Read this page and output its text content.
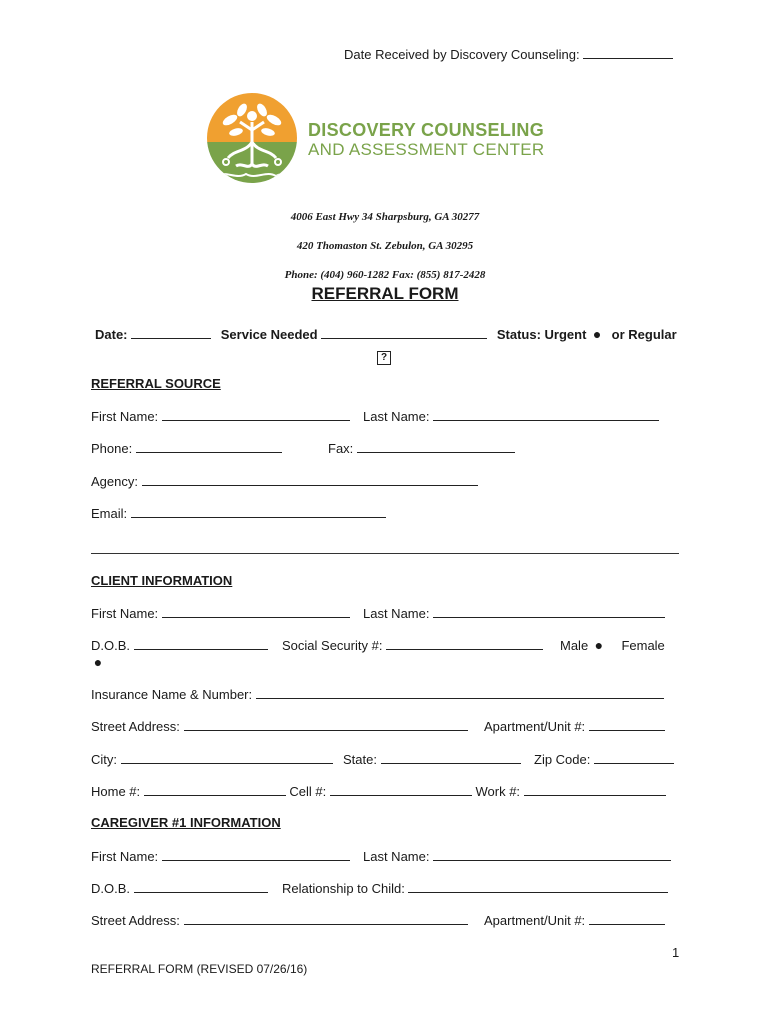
Date Received by Discovery Counseling:
DISCOVERY COUNSELING
AND ASSESSMENT CENTER
4006 East Hwy 34 Sharpsburg, GA 30277
420 Thomaston St. Zebulon, GA 30295
Phone: (404) 960-1282 Fax: (855) 817-2428
REFERRAL FORM
Date:	Service Needed	Status: Urgent ● or Regular
?
REFERRAL SOURCE
First Name:	Last Name:
Phone:	Fax:
Agency:
Email:
CLIENT INFORMATION
First Name:	Last Name:
D.O.B.	Social Security #:	Male ● Female
●
Insurance Name & Number:
Street Address:	Apartment/Unit #:
City:	State:	Zip Code:
Home #:	Cell #:	Work #:
CAREGIVER #1 INFORMATION
First Name:	Last Name:
D.O.B.	Relationship to Child:
Street Address:	Apartment/Unit #:
1
REFERRAL FORM (REVISED 07/26/16)
